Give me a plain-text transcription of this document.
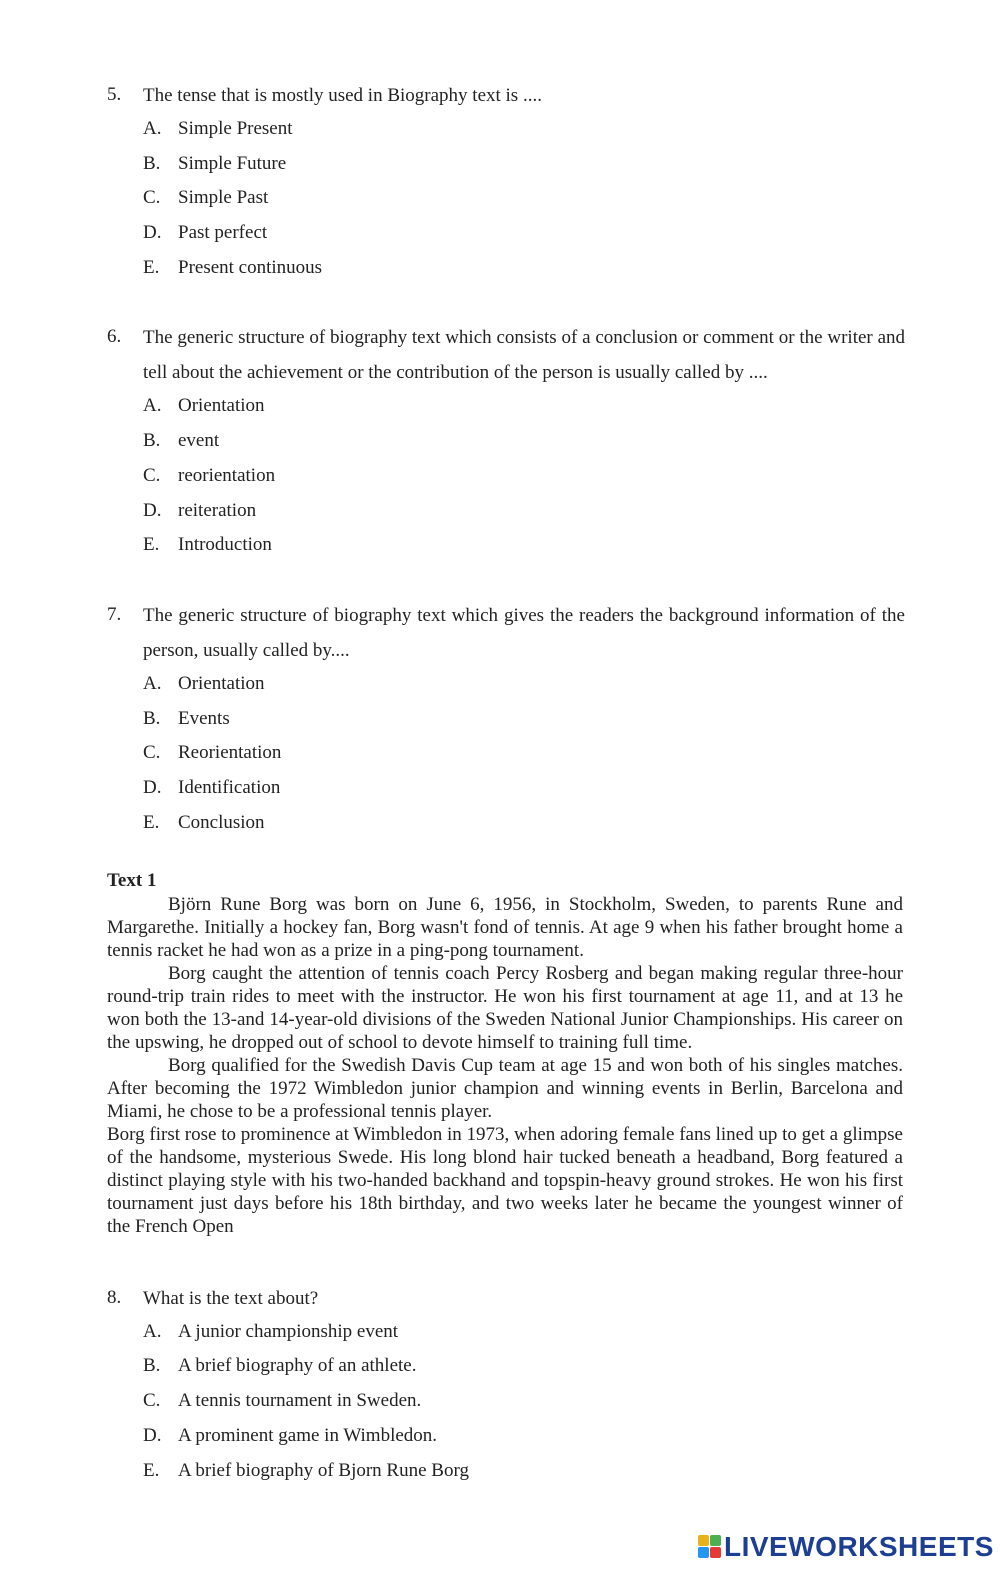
5. The tense that is mostly used in Biography text is ....
A. Simple Present
B. Simple Future
C. Simple Past
D. Past perfect
E. Present continuous
6. The generic structure of biography text which consists of a conclusion or comment or the writer and tell about the achievement or the contribution of the person is usually called by ....
A. Orientation
B. event
C. reorientation
D. reiteration
E. Introduction
7. The generic structure of biography text which gives the readers the background information of the person, usually called by....
A. Orientation
B. Events
C. Reorientation
D. Identification
E. Conclusion
Text 1

Björn Rune Borg was born on June 6, 1956, in Stockholm, Sweden, to parents Rune and Margarethe. Initially a hockey fan, Borg wasn't fond of tennis. At age 9 when his father brought home a tennis racket he had won as a prize in a ping-pong tournament.

Borg caught the attention of tennis coach Percy Rosberg and began making regular three-hour round-trip train rides to meet with the instructor. He won his first tournament at age 11, and at 13 he won both the 13-and 14-year-old divisions of the Sweden National Junior Championships. His career on the upswing, he dropped out of school to devote himself to training full time.

Borg qualified for the Swedish Davis Cup team at age 15 and won both of his singles matches. After becoming the 1972 Wimbledon junior champion and winning events in Berlin, Barcelona and Miami, he chose to be a professional tennis player.

Borg first rose to prominence at Wimbledon in 1973, when adoring female fans lined up to get a glimpse of the handsome, mysterious Swede. His long blond hair tucked beneath a headband, Borg featured a distinct playing style with his two-handed backhand and topspin-heavy ground strokes. He won his first tournament just days before his 18th birthday, and two weeks later he became the youngest winner of the French Open

8. What is the text about?
A. A junior championship event
B. A brief biography of an athlete.
C. A tennis tournament in Sweden.
D. A prominent game in Wimbledon.
E. A brief biography of Bjorn Rune Borg
LIVEWORKSHEETS
